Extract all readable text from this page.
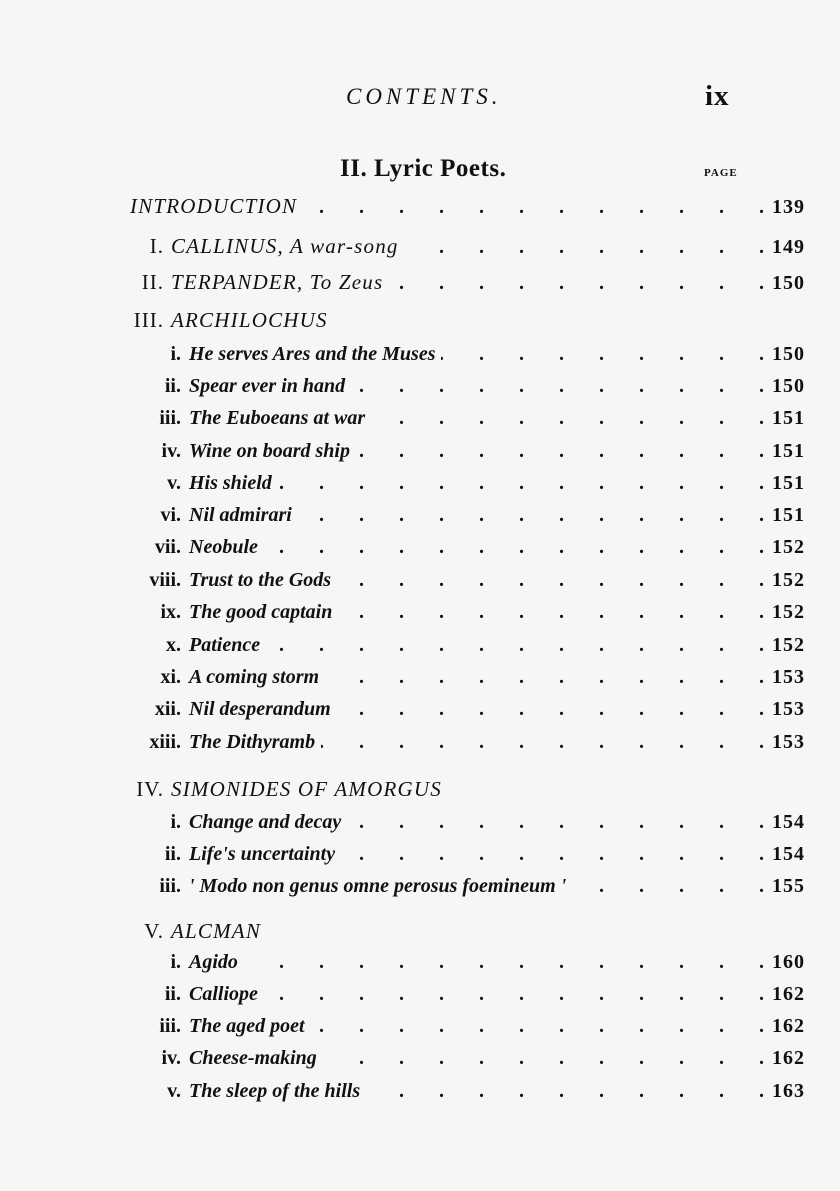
CONTENTS.	ix
II. Lyric Poets.	PAGE
INTRODUCTION .	139
I. CALLINUS, A war-song .	149
II. TERPANDER, To Zeus .	150
III. ARCHILOCHUS
i. He serves Ares and the Muses .	150
ii. Spear ever in hand .	150
iii. The Euboeans at war .	151
iv. Wine on board ship .	151
v. His shield .	151
vi. Nil admirari .	151
vii. Neobule .	152
viii. Trust to the Gods .	152
ix. The good captain .	152
x. Patience .	152
xi. A coming storm .	153
xii. Nil desperandum .	153
xiii. The Dithyramb .	153
IV. SIMONIDES OF AMORGUS
i. Change and decay .	154
ii. Life's uncertainty .	154
iii. ' Modo non genus omne perosus foemineum ' .	155
V. ALCMAN
i. Agido .	160
ii. Calliope .	162
iii. The aged poet .	162
iv. Cheese-making .	162
v. The sleep of the hills .	163
